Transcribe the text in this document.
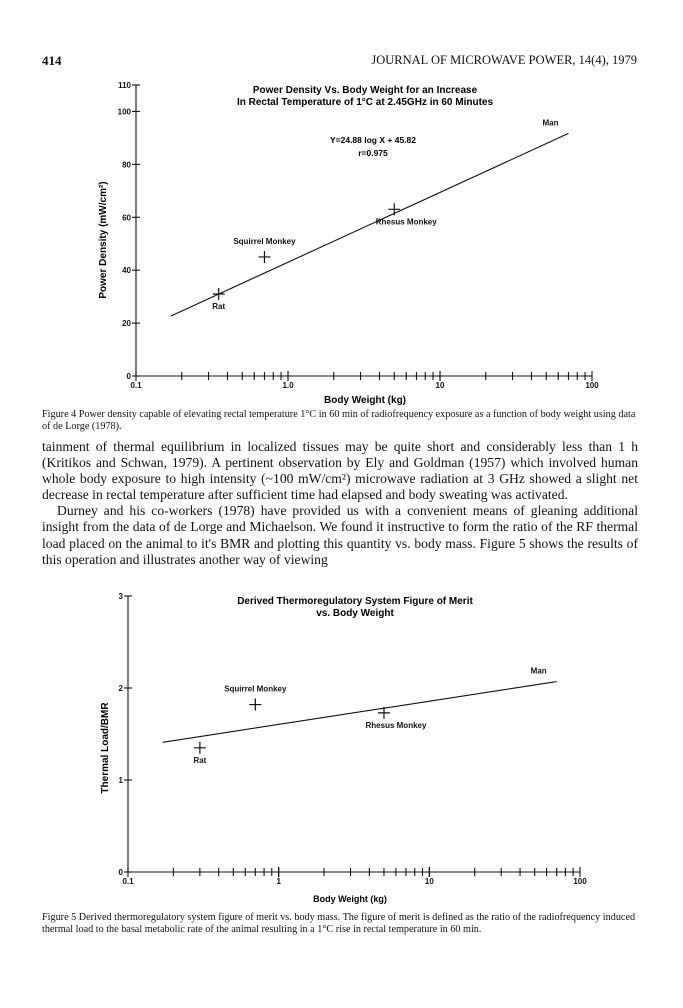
414	JOURNAL OF MICROWAVE POWER, 14(4), 1979
Power Density Vs. Body Weight for an Increase
In Rectal Temperature of 1°C at 2.45GHz in 60 Minutes
Y=24.88 log X + 45.82
r=0.975
0.1	1.0	10	100
0
20
40
60
80
100
110
Man
Rat
Squirrel Monkey
Rhesus Monkey
Body Weight (kg)
Power Density (mW/cm²)
Figure 4 Power density capable of elevating rectal temperature 1°C in 60 min of radiofrequency exposure as a function of body weight using data of de Lorge (1978).

tainment of thermal equilibrium in localized tissues may be quite short and considerably less than 1 h (Kritikos and Schwan, 1979). A pertinent observation by Ely and Goldman (1957) which involved human whole body exposure to high intensity (~100 mW/cm²) microwave radiation at 3 GHz showed a slight net decrease in rectal temperature after sufficient time had elapsed and body sweating was activated.

Durney and his co-workers (1978) have provided us with a convenient means of gleaning additional insight from the data of de Lorge and Michaelson. We found it instructive to form the ratio of the RF thermal load placed on the animal to it's BMR and plotting this quantity vs. body mass. Figure 5 shows the results of this operation and illustrates another way of viewing

Derived Thermoregulatory System Figure of Merit
vs. Body Weight
0.1	1	10	100
0
1
2
3
Man
Rat
Squirrel Monkey
Rhesus Monkey
Body Weight (kg)
Thermal Load/BMR
Figure 5 Derived thermoregulatory system figure of merit vs. body mass. The figure of merit is defined as the ratio of the radiofrequency induced thermal load to the basal metabolic rate of the animal resulting in a 1°C rise in rectal temperature in 60 min.
